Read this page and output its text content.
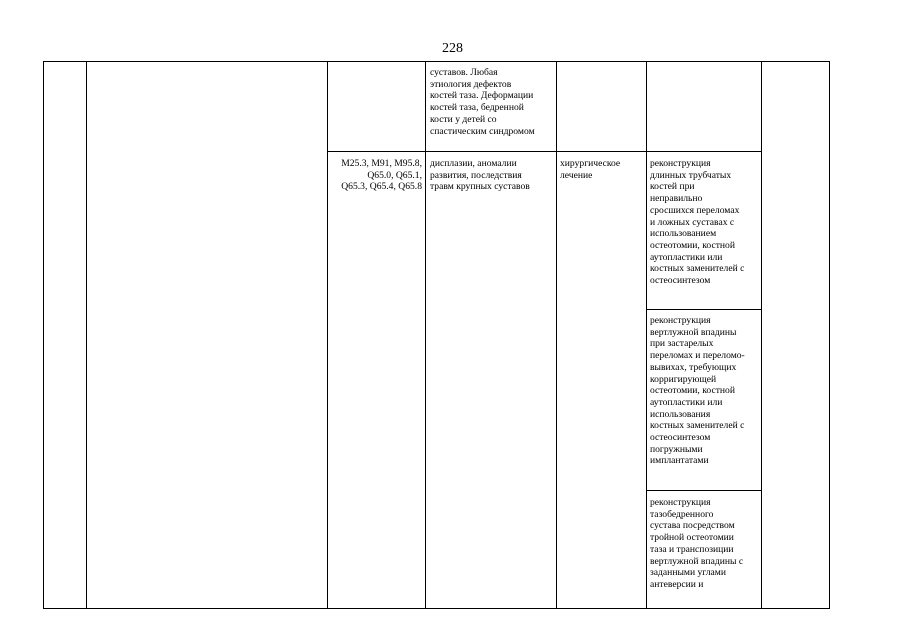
228
суставов. Любая
этиология дефектов
костей таза. Деформации
костей таза, бедренной
кости у детей со
спастическим синдромом
M25.3, M91, M95.8,
Q65.0, Q65.1,
Q65.3, Q65.4, Q65.8
дисплазии, аномалии
развития, последствия
травм крупных суставов
хирургическое
лечение
реконструкция
длинных трубчатых
костей при
неправильно
сросшихся переломах
и ложных суставах с
использованием
остеотомии, костной
аутопластики или
костных заменителей с
остеосинтезом
реконструкция
вертлужной впадины
при застарелых
переломах и переломо-
вывихах, требующих
корригирующей
остеотомии, костной
аутопластики или
использования
костных заменителей с
остеосинтезом
погружными
имплантатами
реконструкция
тазобедренного
сустава посредством
тройной остеотомии
таза и транспозиции
вертлужной впадины с
заданными углами
антеверсии и
